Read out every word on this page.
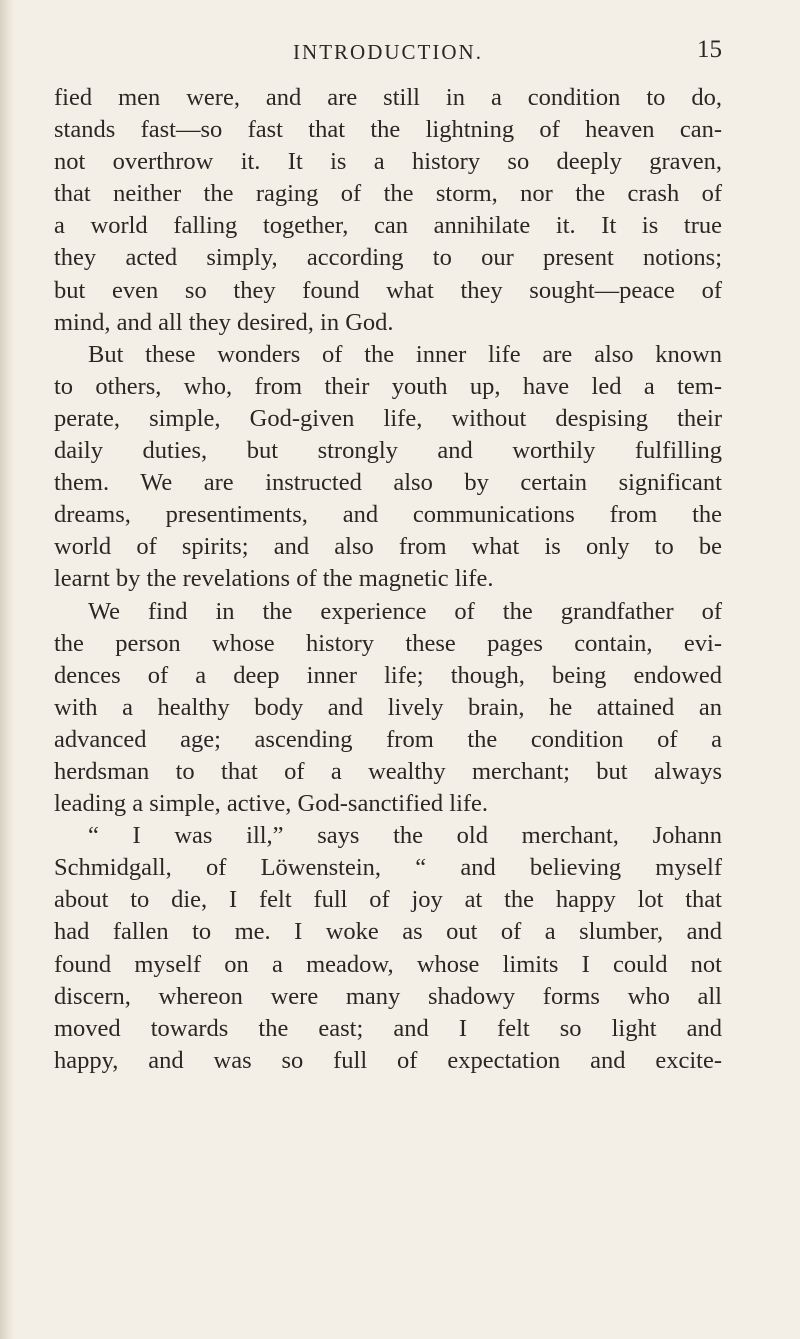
INTRODUCTION.	15
fied men were, and are still in a condition to do,
stands fast—so fast that the lightning of heaven can-
not overthrow it. It is a history so deeply graven,
that neither the raging of the storm, nor the crash of
a world falling together, can annihilate it. It is true
they acted simply, according to our present notions;
but even so they found what they sought—peace of
mind, and all they desired, in God.
But these wonders of the inner life are also known
to others, who, from their youth up, have led a tem-
perate, simple, God-given life, without despising their
daily duties, but strongly and worthily fulfilling
them. We are instructed also by certain significant
dreams, presentiments, and communications from the
world of spirits; and also from what is only to be
learnt by the revelations of the magnetic life.
We find in the experience of the grandfather of
the person whose history these pages contain, evi-
dences of a deep inner life; though, being endowed
with a healthy body and lively brain, he attained an
advanced age; ascending from the condition of a
herdsman to that of a wealthy merchant; but always
leading a simple, active, God-sanctified life.
“ I was ill,” says the old merchant, Johann
Schmidgall, of Löwenstein, “ and believing myself
about to die, I felt full of joy at the happy lot that
had fallen to me. I woke as out of a slumber, and
found myself on a meadow, whose limits I could not
discern, whereon were many shadowy forms who all
moved towards the east; and I felt so light and
happy, and was so full of expectation and excite-
